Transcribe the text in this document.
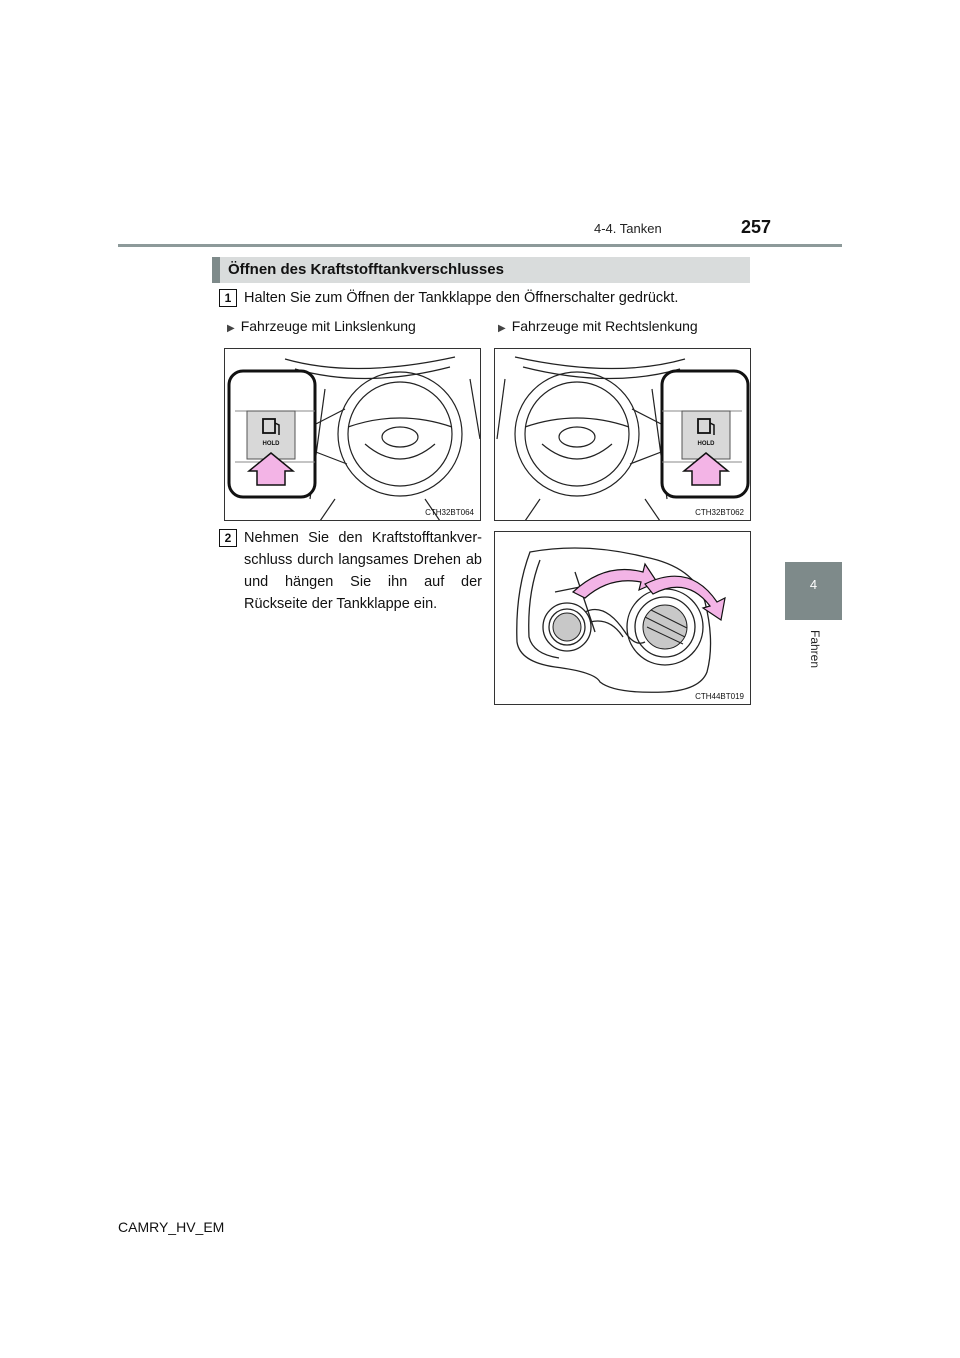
4-4. Tanken	257
4
Fahren
Öffnen des Kraftstofftankverschlusses
1 Halten Sie zum Öffnen der Tankklappe den Öffnerschalter gedrückt.
▶ Fahrzeuge mit Linkslenkung	▶ Fahrzeuge mit Rechtslenkung
HOLD
CTH32BT064
HOLD
CTH32BT062
2 Nehmen Sie den Kraftstofftankver-schluss durch langsames Drehen ab und hängen Sie ihn auf der Rückseite der Tankklappe ein.
CTH44BT019
CAMRY_HV_EM
